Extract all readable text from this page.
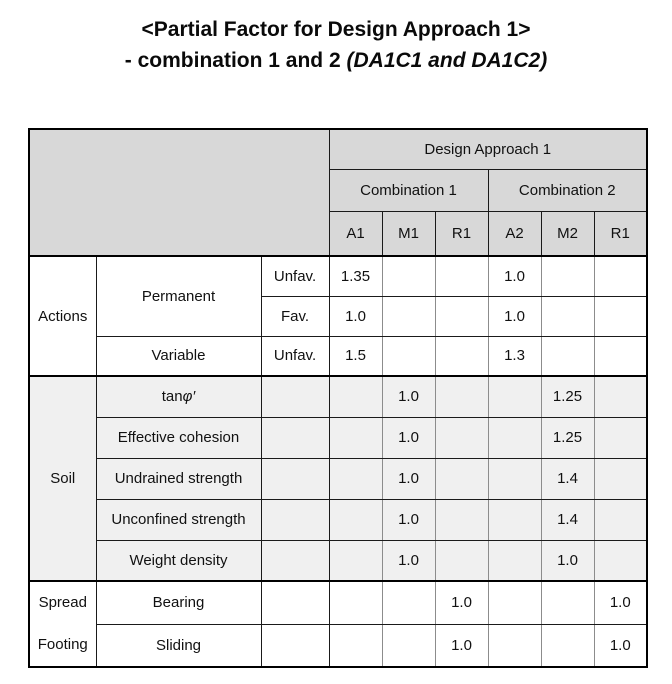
<Partial Factor for Design Approach 1>
- combination 1 and 2 (DA1C1 and DA1C2)
			Design Approach 1					
			Combination 1			Combination 2		
			A1	M1	R1	A2	M2	R1
Actions	Permanent	Unfav.	1.35			1.0		
		Fav.	1.0			1.0		
	Variable	Unfav.	1.5			1.3		
Soil	tanφ′			1.0			1.25	
	Effective cohesion			1.0			1.25	
	Undrained strength			1.0			1.4	
	Unconfined strength			1.0			1.4	
	Weight density			1.0			1.0	

Spread
Footing	Bearing				1.0			1.0
	Sliding				1.0			1.0
